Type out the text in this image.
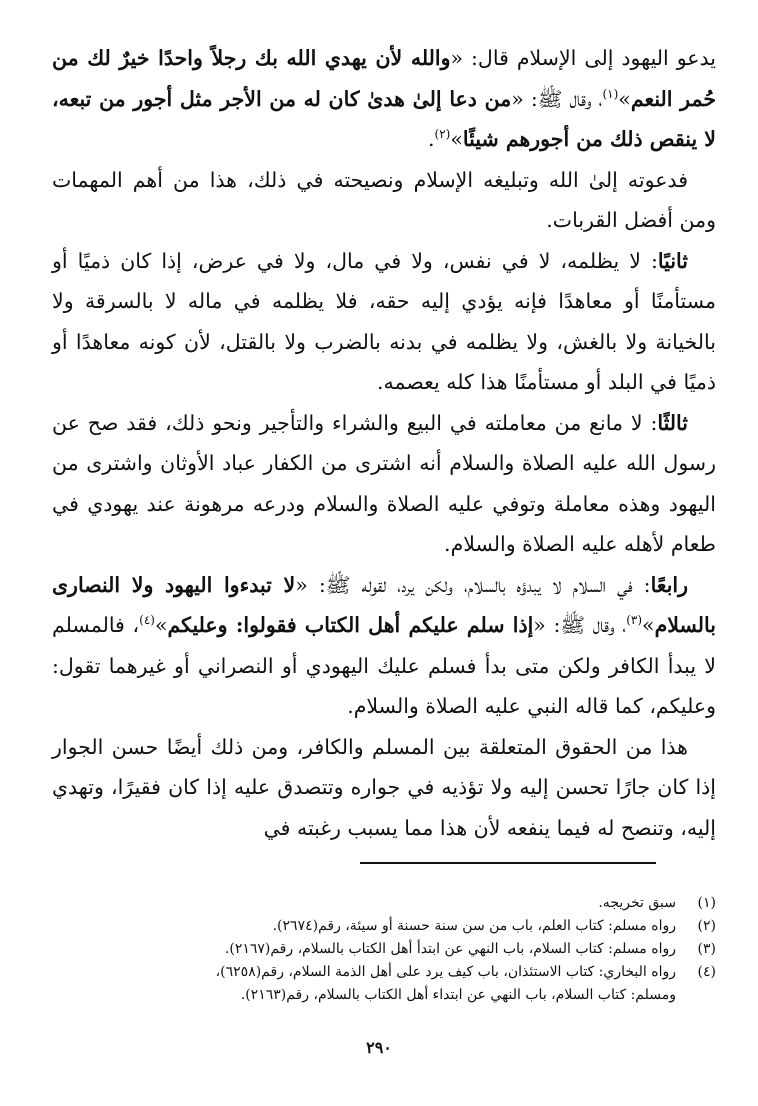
يدعو اليهود إلى الإسلام قال: «والله لأن يهدي الله بك رجلاً واحدًا خيرٌ لك من حُمر النعم»$^{(١)}$، وقال ﷺ: «من دعا إلىٰ هدىٰ كان له من الأجر مثل أجور من تبعه، لا ينقص ذلك من أجورهم شيئًا»$^{(٢)}$.

فدعوته إلىٰ الله وتبليغه الإسلام ونصيحته في ذلك، هذا من أهم المهمات ومن أفضل القربات.

ثانيًا: لا يظلمه، لا في نفس، ولا في مال، ولا في عرض، إذا كان ذميًا أو مستأمنًا أو معاهدًا فإنه يؤدي إليه حقه، فلا يظلمه في ماله لا بالسرقة ولا بالخيانة ولا بالغش، ولا يظلمه في بدنه بالضرب ولا بالقتل، لأن كونه معاهدًا أو ذميًا في البلد أو مستأمنًا هذا كله يعصمه.

ثالثًا: لا مانع من معاملته في البيع والشراء والتأجير ونحو ذلك، فقد صح عن رسول الله عليه الصلاة والسلام أنه اشترى من الكفار عباد الأوثان واشترى من اليهود وهذه معاملة وتوفي عليه الصلاة والسلام ودرعه مرهونة عند يهودي في طعام لأهله عليه الصلاة والسلام.

رابعًا: في السلام لا يبدؤه بالسلام، ولكن يرد، لقوله ﷺ: «لا تبدءوا اليهود ولا النصارى بالسلام»$^{(٣)}$، وقال ﷺ: «إذا سلم عليكم أهل الكتاب فقولوا: وعليكم»$^{(٤)}$، فالمسلم لا يبدأ الكافر ولكن متى بدأ فسلم عليك اليهودي أو النصراني أو غيرهما تقول: وعليكم، كما قاله النبي عليه الصلاة والسلام.

هذا من الحقوق المتعلقة بين المسلم والكافر، ومن ذلك أيضًا حسن الجوار إذا كان جارًا تحسن إليه ولا تؤذيه في جواره وتتصدق عليه إذا كان فقيرًا، وتهدي إليه، وتنصح له فيما ينفعه لأن هذا مما يسبب رغبته في

(١)
سبق تخريجه.

(٢)
رواه مسلم: كتاب العلم، باب من سن سنة حسنة أو سيئة، رقم(٢٦٧٤).

(٣)
رواه مسلم: كتاب السلام، باب النهي عن ابتدأ أهل الكتاب بالسلام، رقم(٢١٦٧).

(٤)
رواه البخاري: كتاب الاستئذان، باب كيف يرد على أهل الذمة السلام، رقم(٦٢٥٨)،

ومسلم: كتاب السلام، باب النهي عن ابتداء أهل الكتاب بالسلام، رقم(٢١٦٣).

٢٩٠
